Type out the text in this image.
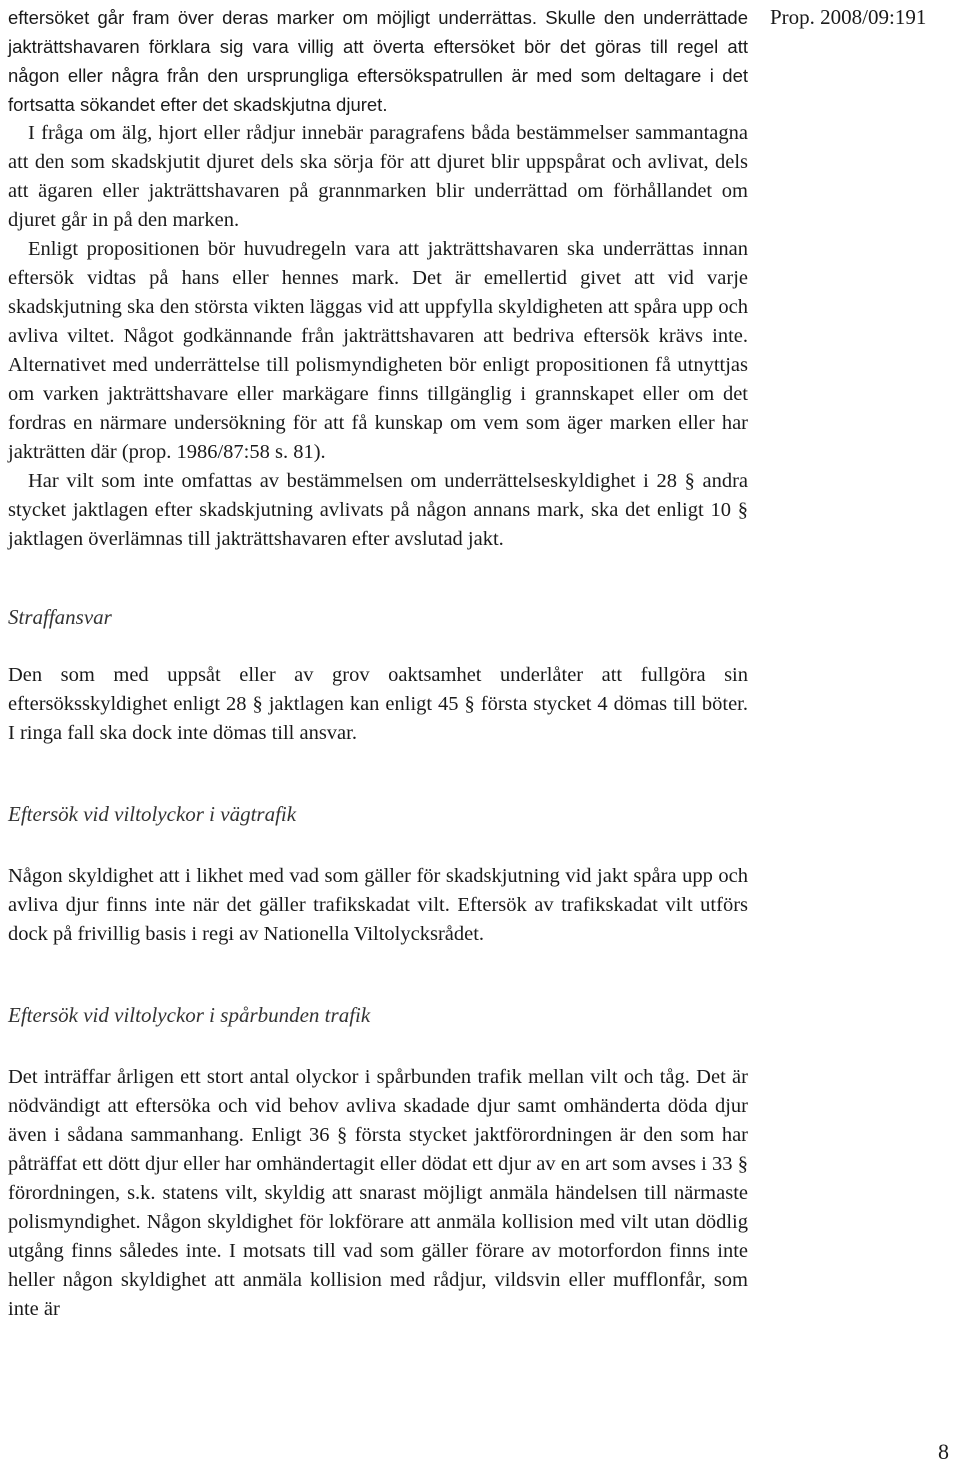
Prop. 2008/09:191

eftersöket går fram över deras marker om möjligt underrättas. Skulle den underrättade jakträttshavaren förklara sig vara villig att överta eftersöket bör det göras till regel att någon eller några från den ursprungliga eftersökspatrullen är med som deltagare i det fortsatta sökandet efter det skadskjutna djuret.

I fråga om älg, hjort eller rådjur innebär paragrafens båda bestämmelser sammantagna att den som skadskjutit djuret dels ska sörja för att djuret blir uppspårat och avlivat, dels att ägaren eller jakträttshavaren på grannmarken blir underrättad om förhållandet om djuret går in på den marken.

Enligt propositionen bör huvudregeln vara att jakträttshavaren ska underrättas innan eftersök vidtas på hans eller hennes mark. Det är emellertid givet att vid varje skadskjutning ska den största vikten läggas vid att uppfylla skyldigheten att spåra upp och avliva viltet. Något godkännande från jakträttshavaren att bedriva eftersök krävs inte. Alternativet med underrättelse till polismyndigheten bör enligt propositionen få utnyttjas om varken jakträttshavare eller markägare finns tillgänglig i grannskapet eller om det fordras en närmare undersökning för att få kunskap om vem som äger marken eller har jakträtten där (prop. 1986/87:58 s. 81).

Har vilt som inte omfattas av bestämmelsen om underrättelseskyldighet i 28 § andra stycket jaktlagen efter skadskjutning avlivats på någon annans mark, ska det enligt 10 § jaktlagen överlämnas till jakträttshavaren efter avslutad jakt.

Straffansvar

Den som med uppsåt eller av grov oaktsamhet underlåter att fullgöra sin eftersöksskyldighet enligt 28 § jaktlagen kan enligt 45 § första stycket 4 dömas till böter. I ringa fall ska dock inte dömas till ansvar.

Eftersök vid viltolyckor i vägtrafik

Någon skyldighet att i likhet med vad som gäller för skadskjutning vid jakt spåra upp och avliva djur finns inte när det gäller trafikskadat vilt. Eftersök av trafikskadat vilt utförs dock på frivillig basis i regi av Nationella Viltolycksrådet.

Eftersök vid viltolyckor i spårbunden trafik

Det inträffar årligen ett stort antal olyckor i spårbunden trafik mellan vilt och tåg. Det är nödvändigt att eftersöka och vid behov avliva skadade djur samt omhänderta döda djur även i sådana sammanhang. Enligt 36 § första stycket jaktförordningen är den som har påträffat ett dött djur eller har omhändertagit eller dödat ett djur av en art som avses i 33 § förordningen, s.k. statens vilt, skyldig att snarast möjligt anmäla händelsen till närmaste polismyndighet. Någon skyldighet för lokförare att anmäla kollision med vilt utan dödlig utgång finns således inte. I motsats till vad som gäller förare av motorfordon finns inte heller någon skyldighet att anmäla kollision med rådjur, vildsvin eller mufflonfår, som inte är

8
